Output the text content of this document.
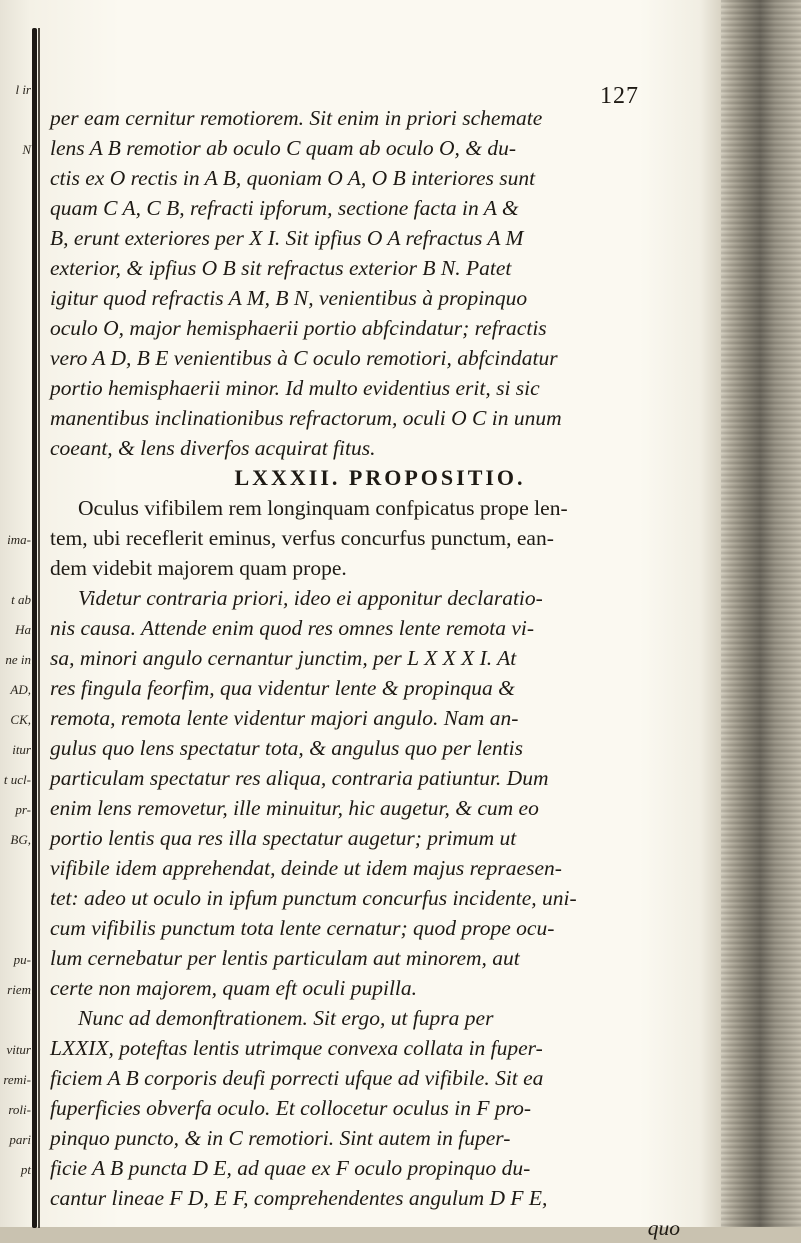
l ir
N
ima-
t ab
Ha
ne in
AD,
CK,
itur
t ucl-
pr-
BG,
pu-
riem
vitur
remi-
roli-
pari
pt
127
per eam cernitur remotiorem. Sit enim in priori schemate
lens A B remotior ab oculo C quam ab oculo O, & du-
ctis ex O rectis in A B, quoniam O A, O B interiores sunt
quam C A, C B, refracti ipforum, sectione facta in A &
B, erunt exteriores per X I. Sit ipfius O A refractus A M
exterior, & ipfius O B sit refractus exterior B N. Patet
igitur quod refractis A M, B N, venientibus à propinquo
oculo O, major hemisphaerii portio abfcindatur; refractis
vero A D, B E venientibus à C oculo remotiori, abfcindatur
portio hemisphaerii minor. Id multo evidentius erit, si sic
manentibus inclinationibus refractorum, oculi O C in unum
coeant, & lens diverfos acquirat fitus.
LXXXII. PROPOSITIO.
Oculus vifibilem rem longinquam confpicatus prope len-
tem, ubi receflerit eminus, verfus concurfus punctum, ean-
dem videbit majorem quam prope.
Videtur contraria priori, ideo ei apponitur declaratio-
nis causa. Attende enim quod res omnes lente remota vi-
sa, minori angulo cernantur junctim, per L X X X I. At
res fingula feorfim, qua videntur lente & propinqua &
remota, remota lente videntur majori angulo. Nam an-
gulus quo lens spectatur tota, & angulus quo per lentis
particulam spectatur res aliqua, contraria patiuntur. Dum
enim lens removetur, ille minuitur, hic augetur, & cum eo
portio lentis qua res illa spectatur augetur; primum ut
vifibile idem apprehendat, deinde ut idem majus repraesen-
tet: adeo ut oculo in ipfum punctum concurfus incidente, uni-
cum vifibilis punctum tota lente cernatur; quod prope ocu-
lum cernebatur per lentis particulam aut minorem, aut
certe non majorem, quam eft oculi pupilla.
Nunc ad demonftrationem. Sit ergo, ut fupra per
LXXIX, poteftas lentis utrimque convexa collata in fuper-
ficiem A B corporis deufi porrecti ufque ad vifibile. Sit ea
fuperficies obverfa oculo. Et collocetur oculus in F pro-
pinquo puncto, & in C remotiori. Sint autem in fuper-
ficie A B puncta D E, ad quae ex F oculo propinquo du-
cantur lineae F D, E F, comprehendentes angulum D F E,
quo
